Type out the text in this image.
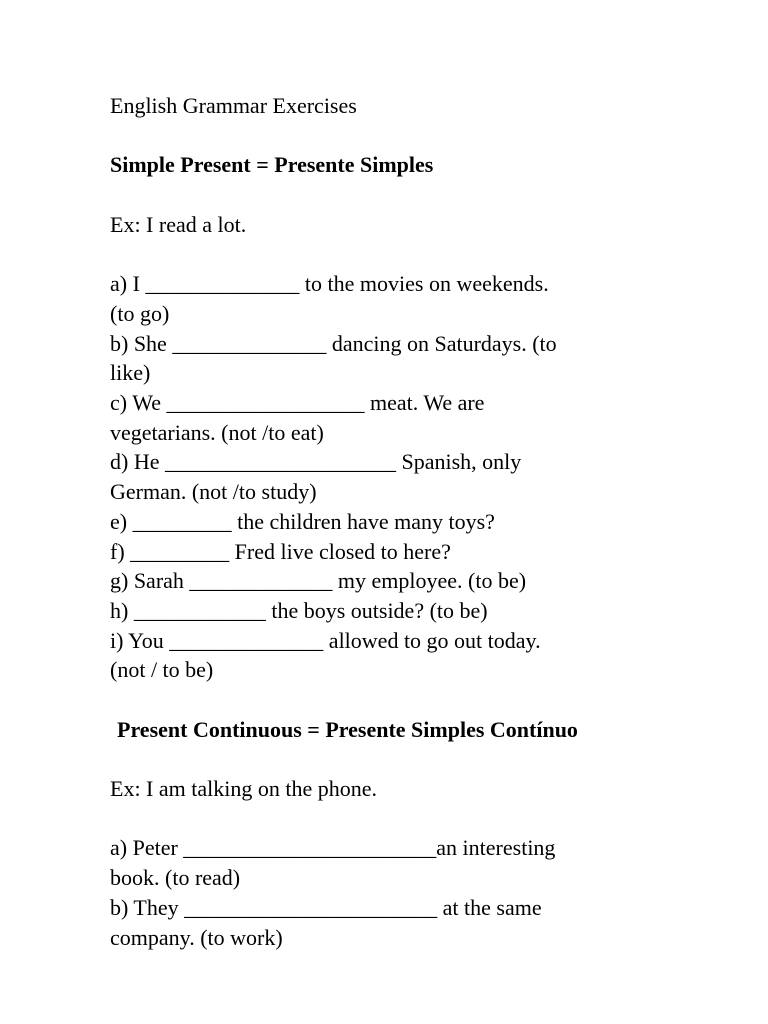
English Grammar Exercises

Simple Present = Presente Simples

Ex: I read a lot.

a) I ______________ to the movies on weekends.

(to go)

b) She ______________ dancing on Saturdays. (to

like)

c) We __________________ meat. We are

vegetarians. (not /to eat)

d) He _____________________ Spanish, only

German. (not /to study)

e) _________ the children have many toys?

f) _________ Fred live closed to here?

g) Sarah _____________ my employee. (to be)

h) ____________ the boys outside? (to be)

i) You ______________ allowed to go out today.

(not / to be)

Present Continuous = Presente Simples Contínuo

Ex: I am talking on the phone.

a) Peter _______________________an interesting

book. (to read)

b) They _______________________ at the same

company. (to work)
